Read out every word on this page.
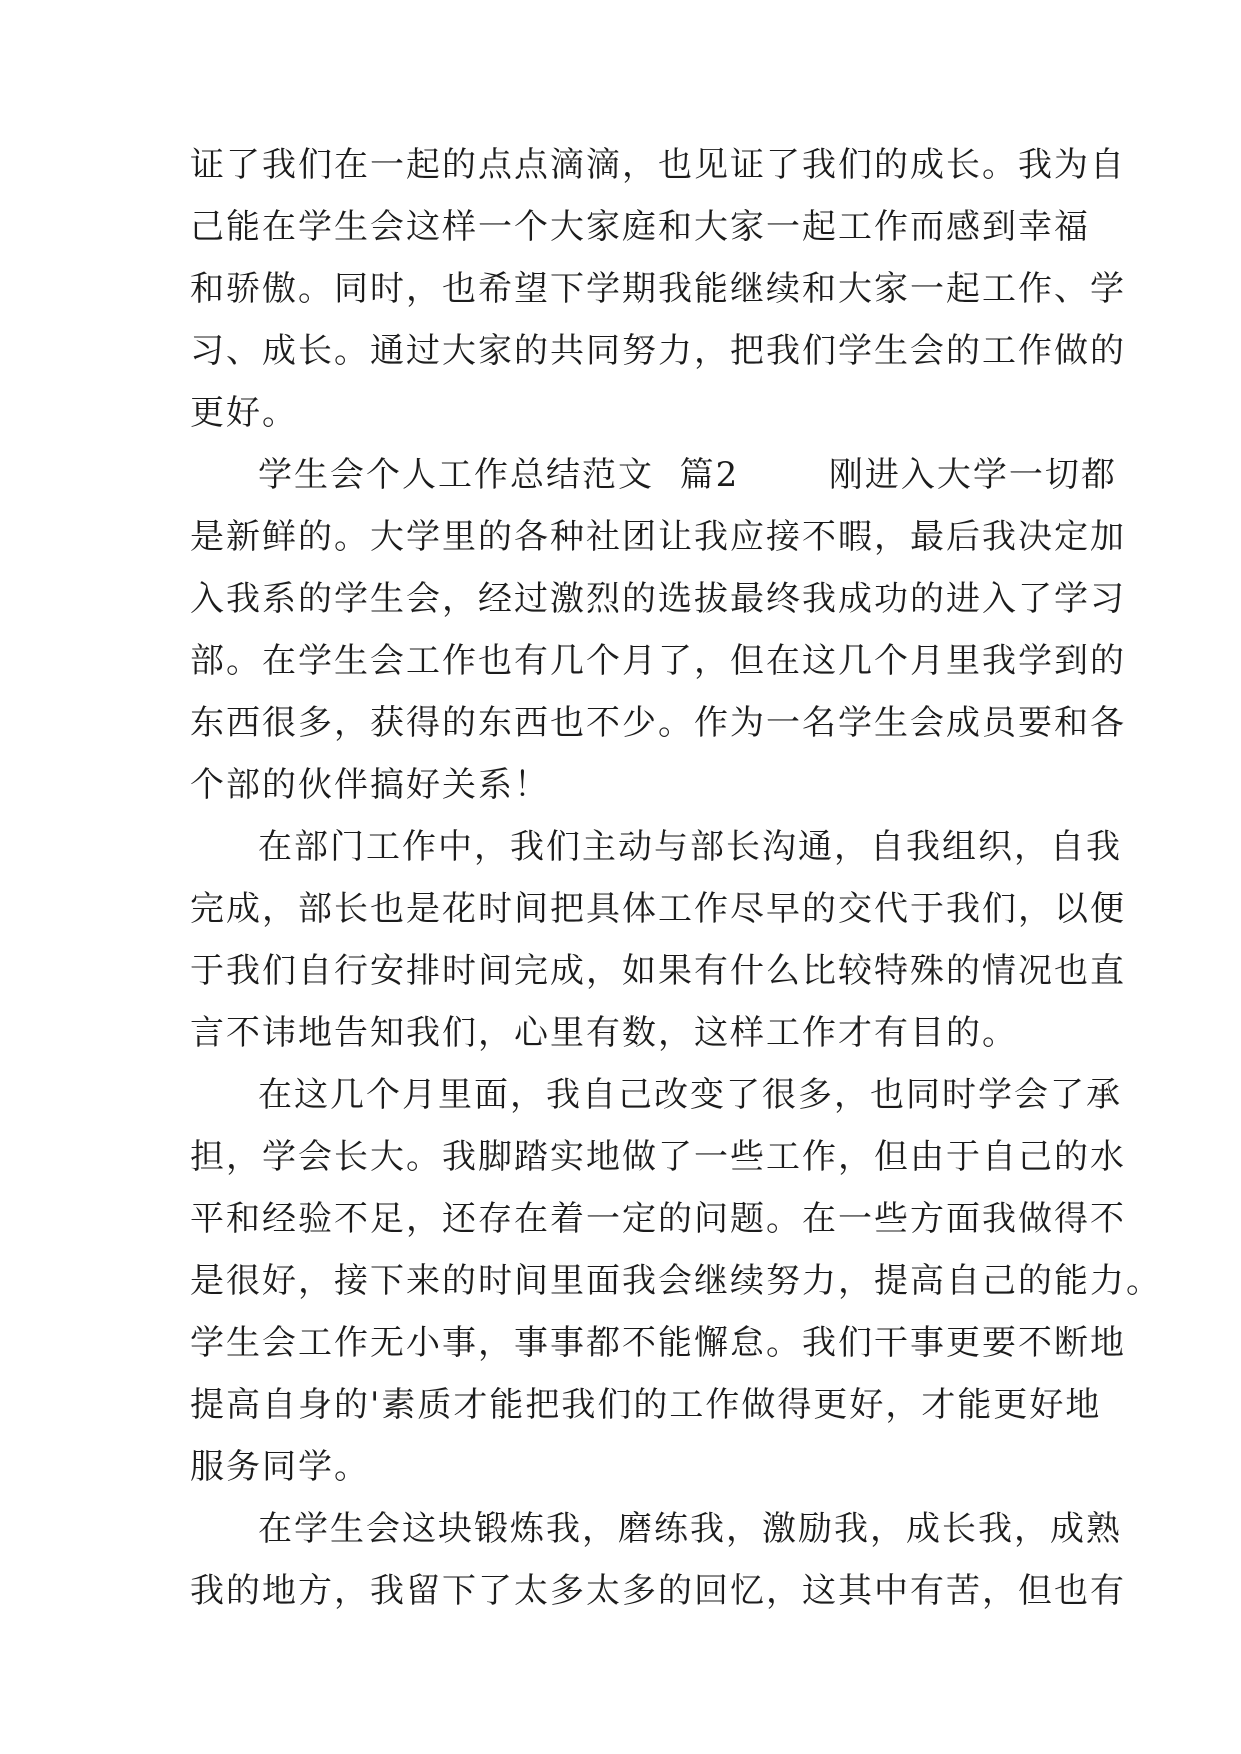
证了我们在一起的点点滴滴，也见证了我们的成长。我为自
己能在学生会这样一个大家庭和大家一起工作而感到幸福
和骄傲。同时，也希望下学期我能继续和大家一起工作、学
习、成长。通过大家的共同努力，把我们学生会的工作做的
更好。
学生会个人工作总结范文  篇2       刚进入大学一切都
是新鲜的。大学里的各种社团让我应接不暇，最后我决定加
入我系的学生会，经过激烈的选拔最终我成功的进入了学习
部。在学生会工作也有几个月了，但在这几个月里我学到的
东西很多，获得的东西也不少。作为一名学生会成员要和各
个部的伙伴搞好关系！
在部门工作中，我们主动与部长沟通，自我组织，自我
完成，部长也是花时间把具体工作尽早的交代于我们，以便
于我们自行安排时间完成，如果有什么比较特殊的情况也直
言不讳地告知我们，心里有数，这样工作才有目的。
在这几个月里面，我自己改变了很多，也同时学会了承
担，学会长大。我脚踏实地做了一些工作，但由于自己的水
平和经验不足，还存在着一定的问题。在一些方面我做得不
是很好，接下来的时间里面我会继续努力，提高自己的能力。
学生会工作无小事，事事都不能懈怠。我们干事更要不断地
提高自身的'素质才能把我们的工作做得更好，才能更好地
服务同学。
在学生会这块锻炼我，磨练我，激励我，成长我，成熟
我的地方，我留下了太多太多的回忆，这其中有苦，但也有
